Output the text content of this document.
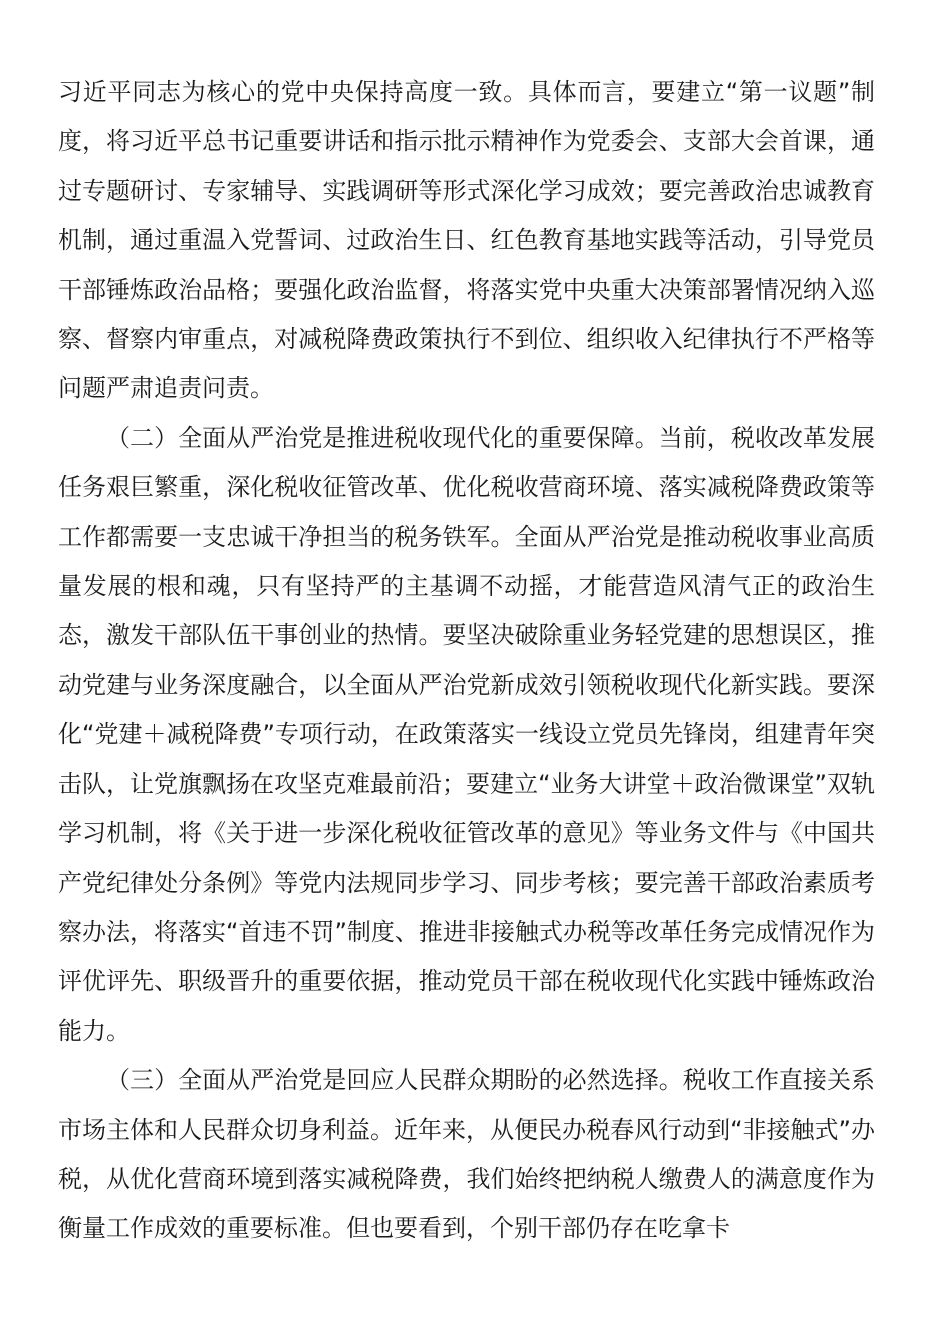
习近平同志为核心的党中央保持高度一致。具体而言，要建立“第一议题”制度，将习近平总书记重要讲话和指示批示精神作为党委会、支部大会首课，通过专题研讨、专家辅导、实践调研等形式深化学习成效；要完善政治忠诚教育机制，通过重温入党誓词、过政治生日、红色教育基地实践等活动，引导党员干部锤炼政治品格；要强化政治监督，将落实党中央重大决策部署情况纳入巡察、督察内审重点，对减税降费政策执行不到位、组织收入纪律执行不严格等问题严肃追责问责。

（二）全面从严治党是推进税收现代化的重要保障。当前，税收改革发展任务艰巨繁重，深化税收征管改革、优化税收营商环境、落实减税降费政策等工作都需要一支忠诚干净担当的税务铁军。全面从严治党是推动税收事业高质量发展的根和魂，只有坚持严的主基调不动摇，才能营造风清气正的政治生态，激发干部队伍干事创业的热情。要坚决破除重业务轻党建的思想误区，推动党建与业务深度融合，以全面从严治党新成效引领税收现代化新实践。要深化“党建＋减税降费”专项行动，在政策落实一线设立党员先锋岗，组建青年突击队，让党旗飘扬在攻坚克难最前沿；要建立“业务大讲堂＋政治微课堂”双轨学习机制，将《关于进一步深化税收征管改革的意见》等业务文件与《中国共产党纪律处分条例》等党内法规同步学习、同步考核；要完善干部政治素质考察办法，将落实“首违不罚”制度、推进非接触式办税等改革任务完成情况作为评优评先、职级晋升的重要依据，推动党员干部在税收现代化实践中锤炼政治能力。

（三）全面从严治党是回应人民群众期盼的必然选择。税收工作直接关系市场主体和人民群众切身利益。近年来，从便民办税春风行动到“非接触式”办税，从优化营商环境到落实减税降费，我们始终把纳税人缴费人的满意度作为衡量工作成效的重要标准。但也要看到，个别干部仍存在吃拿卡
